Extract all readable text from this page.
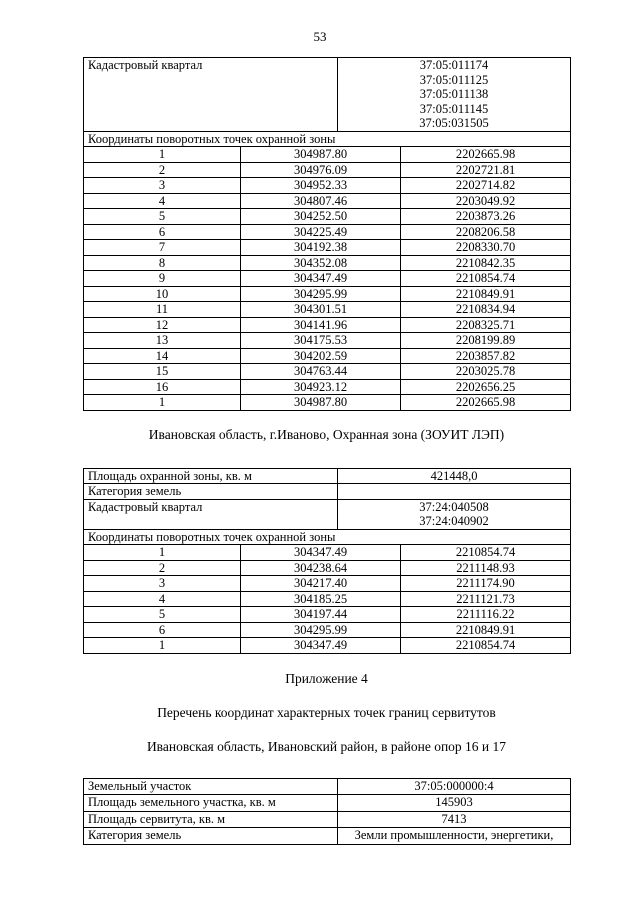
53
Кадастровый квартал		37:05:011174
37:05:011125
37:05:011138
37:05:011145
37:05:031505	

Координаты поворотных точек охранной зоны			
1	304987.80		2202665.98
2	304976.09		2202721.81
3	304952.33		2202714.82
4	304807.46		2203049.92
5	304252.50		2203873.26
6	304225.49		2208206.58
7	304192.38		2208330.70
8	304352.08		2210842.35
9	304347.49		2210854.74
10	304295.99		2210849.91
11	304301.51		2210834.94
12	304141.96		2208325.71
13	304175.53		2208199.89
14	304202.59		2203857.82
15	304763.44		2203025.78
16	304923.12		2202656.25
1	304987.80		2202665.98
Ивановская область, г.Иваново, Охранная зона (ЗОУИТ ЛЭП)
Площадь охранной зоны, кв. м		421448,0	
Категория земель			
Кадастровый квартал		37:24:040508
37:24:040902	

Координаты поворотных точек охранной зоны			
1	304347.49		2210854.74
2	304238.64		2211148.93
3	304217.40		2211174.90
4	304185.25		2211121.73
5	304197.44		2211116.22
6	304295.99		2210849.91
1	304347.49		2210854.74
Приложение 4
Перечень координат характерных точек границ сервитутов
Ивановская область, Ивановский район, в районе опор 16 и 17
Земельный участок	37:05:000000:4
Площадь земельного участка, кв. м	145903
Площадь сервитута, кв. м	7413
Категория земель	Земли промышленности, энергетики,
